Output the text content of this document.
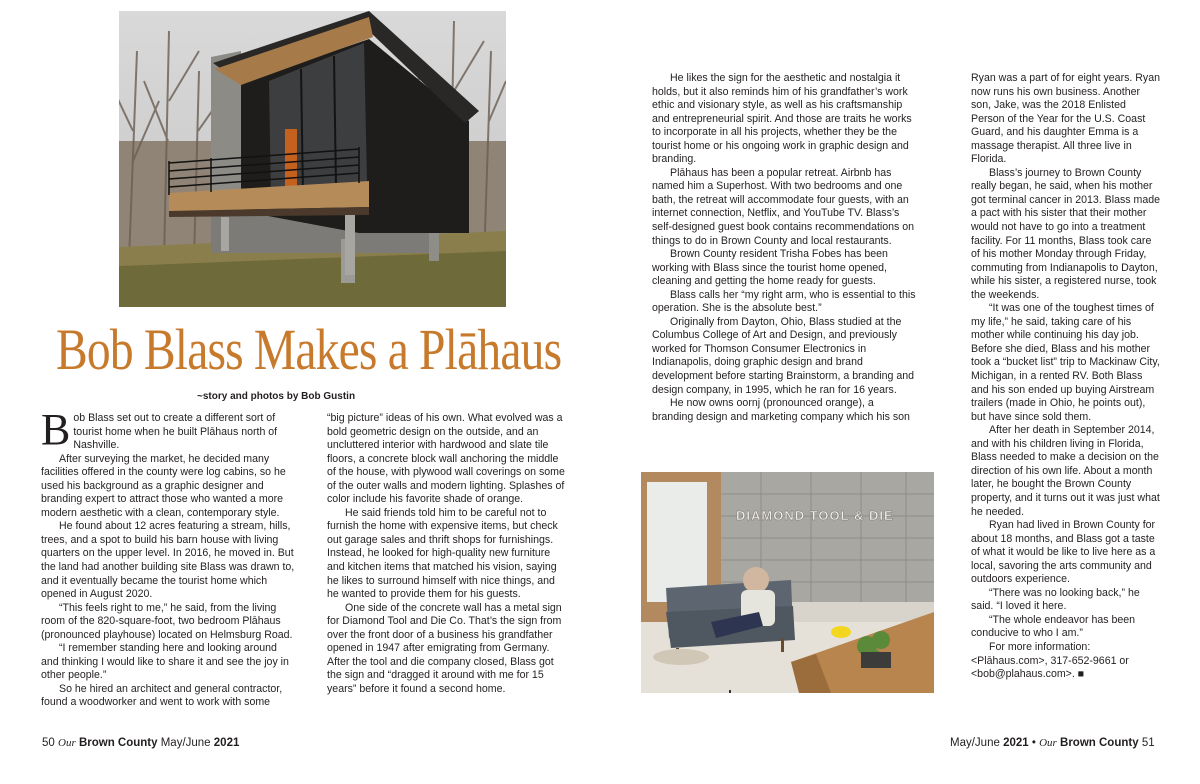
Bob Blass Makes a Plāhaus
~story and photos by Bob Gustin

Bob Blass set out to create a different sort of tourist home when he built Plāhaus north of Nashville.

After surveying the market, he decided many facilities offered in the county were log cabins, so he used his background as a graphic designer and branding expert to attract those who wanted a more modern aesthetic with a clean, contemporary style.

He found about 12 acres featuring a stream, hills, trees, and a spot to build his barn house with living quarters on the upper level. In 2016, he moved in. But the land had another building site Blass was drawn to, and it eventually became the tourist home which opened in August 2020.

“This feels right to me,” he said, from the living room of the 820-square-foot, two bedroom Plāhaus (pronounced playhouse) located on Helmsburg Road.

“I remember standing here and looking around and thinking I would like to share it and see the joy in other people.”

So he hired an architect and general contractor, found a woodworker and went to work with some

“big picture” ideas of his own. What evolved was a bold geometric design on the outside, and an uncluttered interior with hardwood and slate tile floors, a concrete block wall anchoring the middle of the house, with plywood wall coverings on some of the outer walls and modern lighting. Splashes of color include his favorite shade of orange.

He said friends told him to be careful not to furnish the home with expensive items, but check out garage sales and thrift shops for furnishings. Instead, he looked for high-quality new furniture and kitchen items that matched his vision, saying he likes to surround himself with nice things, and he wanted to provide them for his guests.

One side of the concrete wall has a metal sign for Diamond Tool and Die Co. That’s the sign from over the front door of a business his grandfather opened in 1947 after emigrating from Germany. After the tool and die company closed, Blass got the sign and “dragged it around with me for 15 years” before it found a second home.

He likes the sign for the aesthetic and nostalgia it holds, but it also reminds him of his grandfather’s work ethic and visionary style, as well as his craftsmanship and entrepreneurial spirit. And those are traits he works to incorporate in all his projects, whether they be the tourist home or his ongoing work in graphic design and branding.

Plāhaus has been a popular retreat. Airbnb has named him a Superhost. With two bedrooms and one bath, the retreat will accommodate four guests, with an internet connection, Netflix, and YouTube TV. Blass’s self-designed guest book contains recommendations on things to do in Brown County and local restaurants.

Brown County resident Trisha Fobes has been working with Blass since the tourist home opened, cleaning and getting the home ready for guests.

Blass calls her “my right arm, who is essential to this operation. She is the absolute best.”

Originally from Dayton, Ohio, Blass studied at the Columbus College of Art and Design, and previously worked for Thomson Consumer Electronics in Indianapolis, doing graphic design and brand development before starting Brainstorm, a branding and design company, in 1995, which he ran for 16 years.

He now owns oornj (pronounced orange), a branding design and marketing company which his son

DIAMOND TOOL & DIE

Ryan was a part of for eight years. Ryan now runs his own business. Another son, Jake, was the 2018 Enlisted Person of the Year for the U.S. Coast Guard, and his daughter Emma is a massage therapist. All three live in Florida.

Blass’s journey to Brown County really began, he said, when his mother got terminal cancer in 2013. Blass made a pact with his sister that their mother would not have to go into a treatment facility. For 11 months, Blass took care of his mother Monday through Friday, commuting from Indianapolis to Dayton, while his sister, a registered nurse, took the weekends.

“It was one of the toughest times of my life,” he said, taking care of his mother while continuing his day job. Before she died, Blass and his mother took a “bucket list” trip to Mackinaw City, Michigan, in a rented RV. Both Blass and his son ended up buying Airstream trailers (made in Ohio, he points out), but have since sold them.

After her death in September 2014, and with his children living in Florida, Blass needed to make a decision on the direction of his own life. About a month later, he bought the Brown County property, and it turns out it was just what he needed.

Ryan had lived in Brown County for about 18 months, and Blass got a taste of what it would be like to live here as a local, savoring the arts community and outdoors experience.

“There was no looking back,” he said. “I loved it here.

“The whole endeavor has been conducive to who I am.”

For more information:

<Plāhaus.com>, 317-652-9661 or <bob@plahaus.com>. ■

50 Our Brown County May/June 2021	May/June 2021 • Our Brown County 51
